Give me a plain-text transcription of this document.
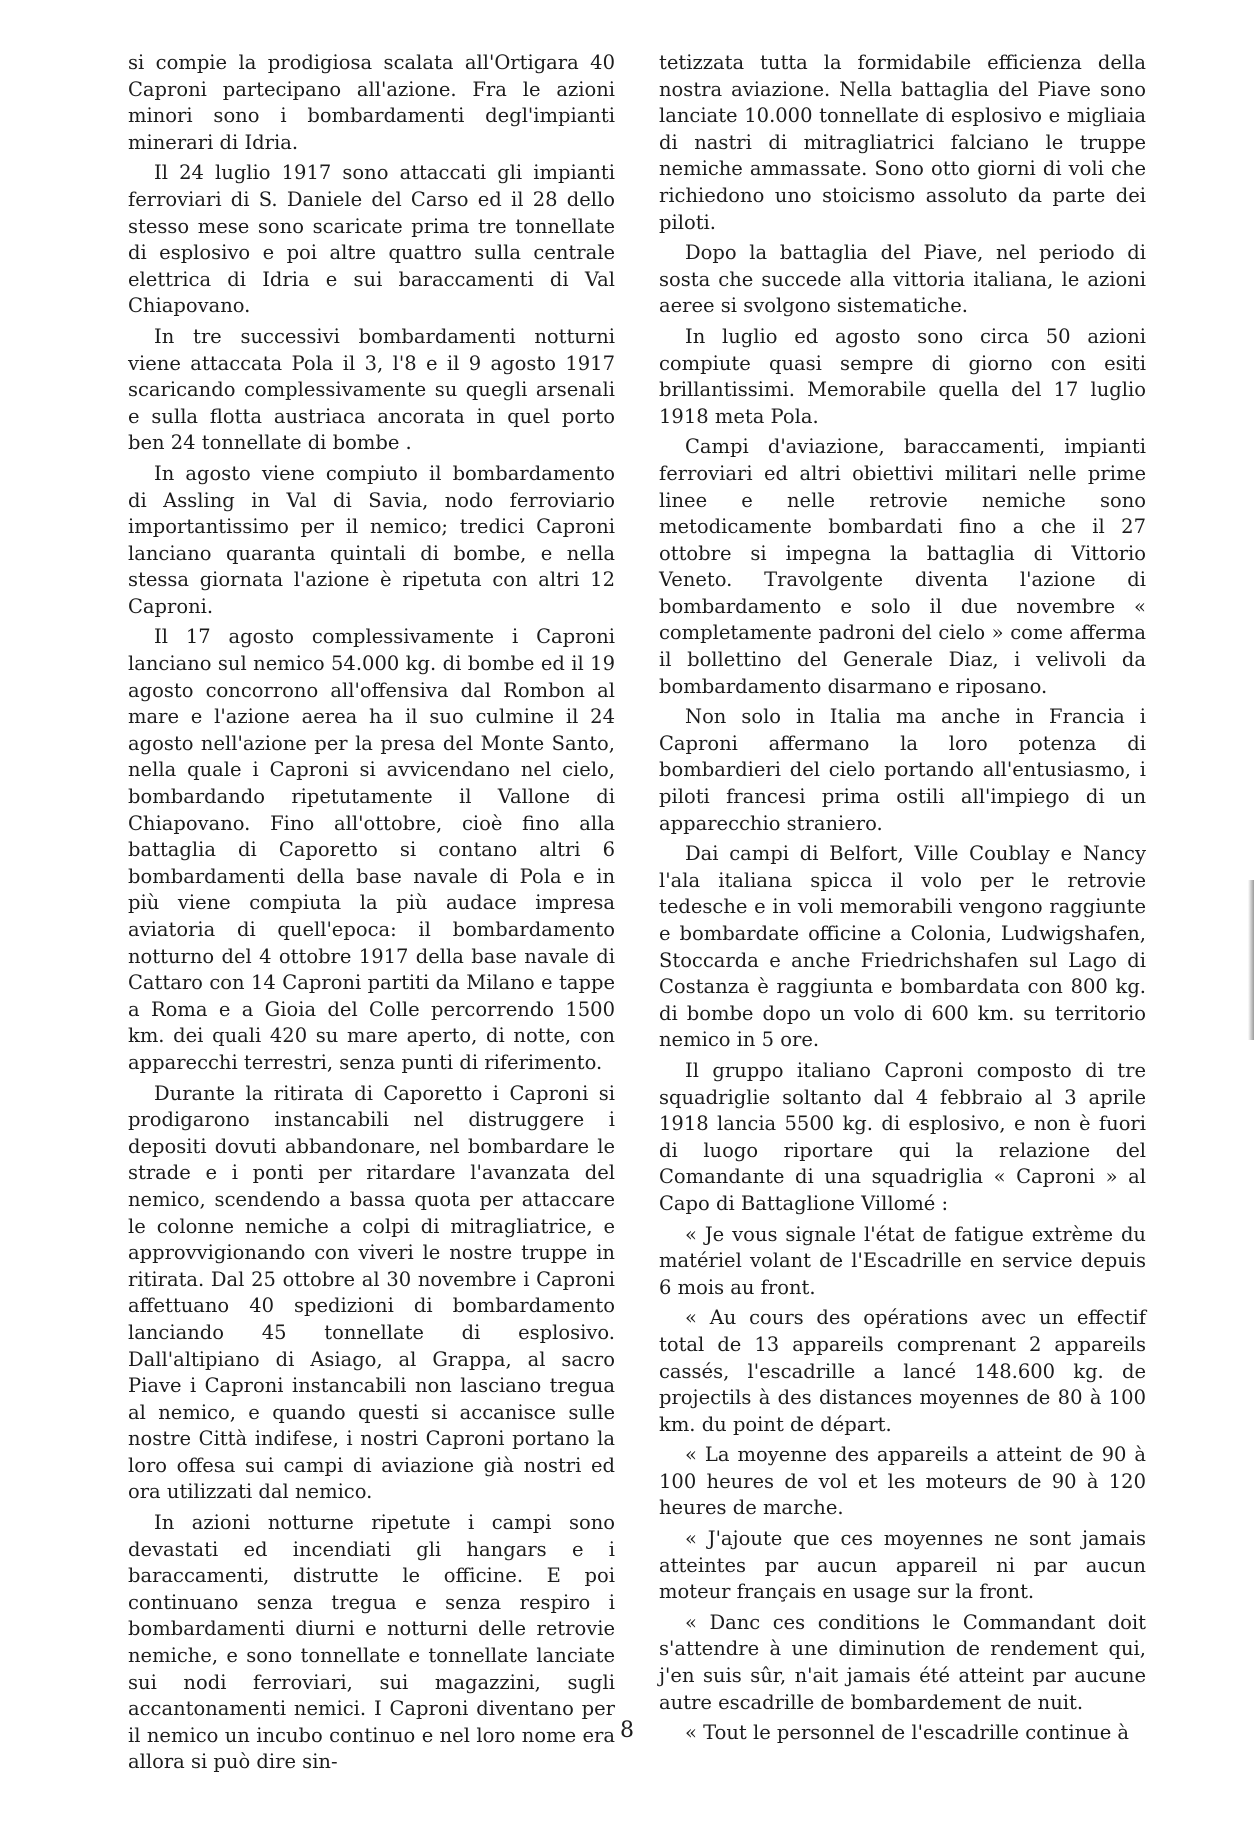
si compie la prodigiosa scalata all'Ortigara 40 Caproni partecipano all'azione. Fra le azioni minori sono i bombardamenti degl'impianti minerari di Idria.

Il 24 luglio 1917 sono attaccati gli impianti ferroviari di S. Daniele del Carso ed il 28 dello stesso mese sono scaricate prima tre tonnellate di esplosivo e poi altre quattro sulla centrale elettrica di Idria e sui baraccamenti di Val Chiapovano.

In tre successivi bombardamenti notturni viene attaccata Pola il 3, l'8 e il 9 agosto 1917 scaricando complessivamente su quegli arsenali e sulla flotta austriaca ancorata in quel porto ben 24 tonnellate di bombe .

In agosto viene compiuto il bombardamento di Assling in Val di Savia, nodo ferroviario importantissimo per il nemico; tredici Caproni lanciano quaranta quintali di bombe, e nella stessa giornata l'azione è ripetuta con altri 12 Caproni.

Il 17 agosto complessivamente i Caproni lanciano sul nemico 54.000 kg. di bombe ed il 19 agosto concorrono all'offensiva dal Rombon al mare e l'azione aerea ha il suo culmine il 24 agosto nell'azione per la presa del Monte Santo, nella quale i Caproni si avvicendano nel cielo, bombardando ripetutamente il Vallone di Chiapovano. Fino all'ottobre, cioè fino alla battaglia di Caporetto si contano altri 6 bombardamenti della base navale di Pola e in più viene compiuta la più audace impresa aviatoria di quell'epoca: il bombardamento notturno del 4 ottobre 1917 della base navale di Cattaro con 14 Caproni partiti da Milano e tappe a Roma e a Gioia del Colle percorrendo 1500 km. dei quali 420 su mare aperto, di notte, con apparecchi terrestri, senza punti di riferimento.

Durante la ritirata di Caporetto i Caproni si prodigarono instancabili nel distruggere i depositi dovuti abbandonare, nel bombardare le strade e i ponti per ritardare l'avanzata del nemico, scendendo a bassa quota per attaccare le colonne nemiche a colpi di mitragliatrice, e approvvigionando con viveri le nostre truppe in ritirata. Dal 25 ottobre al 30 novembre i Caproni affettuano 40 spedizioni di bombardamento lanciando 45 tonnellate di esplosivo. Dall'altipiano di Asiago, al Grappa, al sacro Piave i Caproni instancabili non lasciano tregua al nemico, e quando questi si accanisce sulle nostre Città indifese, i nostri Caproni portano la loro offesa sui campi di aviazione già nostri ed ora utilizzati dal nemico.

In azioni notturne ripetute i campi sono devastati ed incendiati gli hangars e i baraccamenti, distrutte le officine. E poi continuano senza tregua e senza respiro i bombardamenti diurni e notturni delle retrovie nemiche, e sono tonnellate e tonnellate lanciate sui nodi ferroviari, sui magazzini, sugli accantonamenti nemici. I Caproni diventano per il nemico un incubo continuo e nel loro nome era allora si può dire sin-

tetizzata tutta la formidabile efficienza della nostra aviazione. Nella battaglia del Piave sono lanciate 10.000 tonnellate di esplosivo e migliaia di nastri di mitragliatrici falciano le truppe nemiche ammassate. Sono otto giorni di voli che richiedono uno stoicismo assoluto da parte dei piloti.

Dopo la battaglia del Piave, nel periodo di sosta che succede alla vittoria italiana, le azioni aeree si svolgono sistematiche.

In luglio ed agosto sono circa 50 azioni compiute quasi sempre di giorno con esiti brillantissimi. Memorabile quella del 17 luglio 1918 meta Pola.

Campi d'aviazione, baraccamenti, impianti ferroviari ed altri obiettivi militari nelle prime linee e nelle retrovie nemiche sono metodicamente bombardati fino a che il 27 ottobre si impegna la battaglia di Vittorio Veneto. Travolgente diventa l'azione di bombardamento e solo il due novembre « completamente padroni del cielo » come afferma il bollettino del Generale Diaz, i velivoli da bombardamento disarmano e riposano.

Non solo in Italia ma anche in Francia i Caproni affermano la loro potenza di bombardieri del cielo portando all'entusiasmo, i piloti francesi prima ostili all'impiego di un apparecchio straniero.

Dai campi di Belfort, Ville Coublay e Nancy l'ala italiana spicca il volo per le retrovie tedesche e in voli memorabili vengono raggiunte e bombardate officine a Colonia, Ludwigshafen, Stoccarda e anche Friedrichshafen sul Lago di Costanza è raggiunta e bombardata con 800 kg. di bombe dopo un volo di 600 km. su territorio nemico in 5 ore.

Il gruppo italiano Caproni composto di tre squadriglie soltanto dal 4 febbraio al 3 aprile 1918 lancia 5500 kg. di esplosivo, e non è fuori di luogo riportare qui la relazione del Comandante di una squadriglia « Caproni » al Capo di Battaglione Villomé :

« Je vous signale l'état de fatigue extrème du matériel volant de l'Escadrille en service depuis 6 mois au front.

« Au cours des opérations avec un effectif total de 13 appareils comprenant 2 appareils cassés, l'escadrille a lancé 148.600 kg. de projectils à des distances moyennes de 80 à 100 km. du point de départ.

« La moyenne des appareils a atteint de 90 à 100 heures de vol et les moteurs de 90 à 120 heures de marche.

« J'ajoute que ces moyennes ne sont jamais atteintes par aucun appareil ni par aucun moteur français en usage sur la front.

« Danc ces conditions le Commandant doit s'attendre à une diminution de rendement qui, j'en suis sûr, n'ait jamais été atteint par aucune autre escadrille de bombardement de nuit.

« Tout le personnel de l'escadrille continue à

8
